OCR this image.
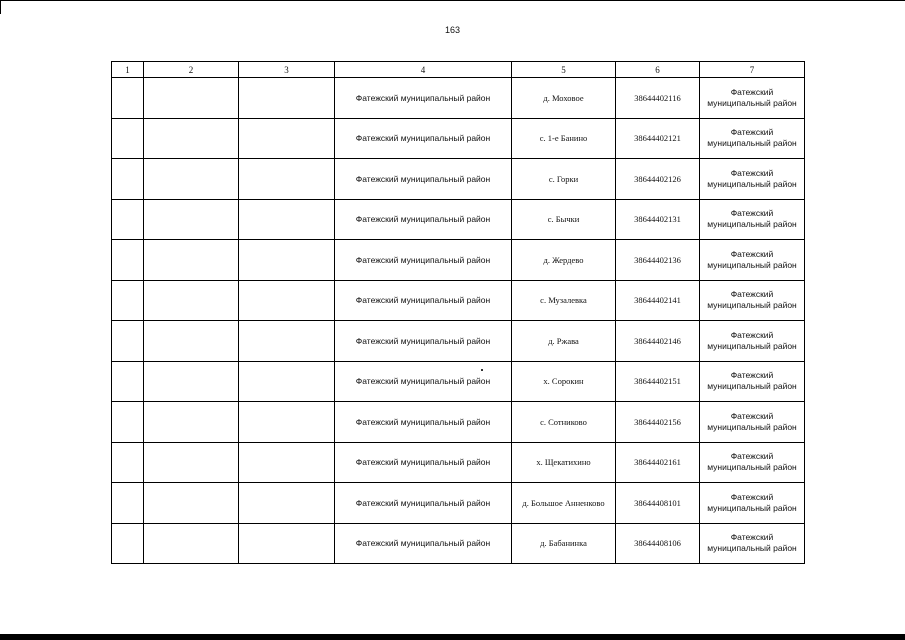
163
1	2	3	4	5	6	7
			Фатежский муниципальный район	д. Моховое	38644402116	Фатежский муниципальный район
			Фатежский муниципальный район	с. 1-е Банино	38644402121	Фатежский муниципальный район
			Фатежский муниципальный район	с. Горки	38644402126	Фатежский муниципальный район
			Фатежский муниципальный район	с. Бычки	38644402131	Фатежский муниципальный район
			Фатежский муниципальный район	д. Жердево	38644402136	Фатежский муниципальный район
			Фатежский муниципальный район	с. Музалевка	38644402141	Фатежский муниципальный район
			Фатежский муниципальный район	д. Ржава	38644402146	Фатежский муниципальный район
			Фатежский муниципальный район	х. Сорокин	38644402151	Фатежский муниципальный район
			Фатежский муниципальный район	с. Сотниково	38644402156	Фатежский муниципальный район
			Фатежский муниципальный район	х. Щекатихино	38644402161	Фатежский муниципальный район
			Фатежский муниципальный район	д. Большое Анненково	38644408101	Фатежский муниципальный район
			Фатежский муниципальный район	д. Бабанинка	38644408106	Фатежский муниципальный район
